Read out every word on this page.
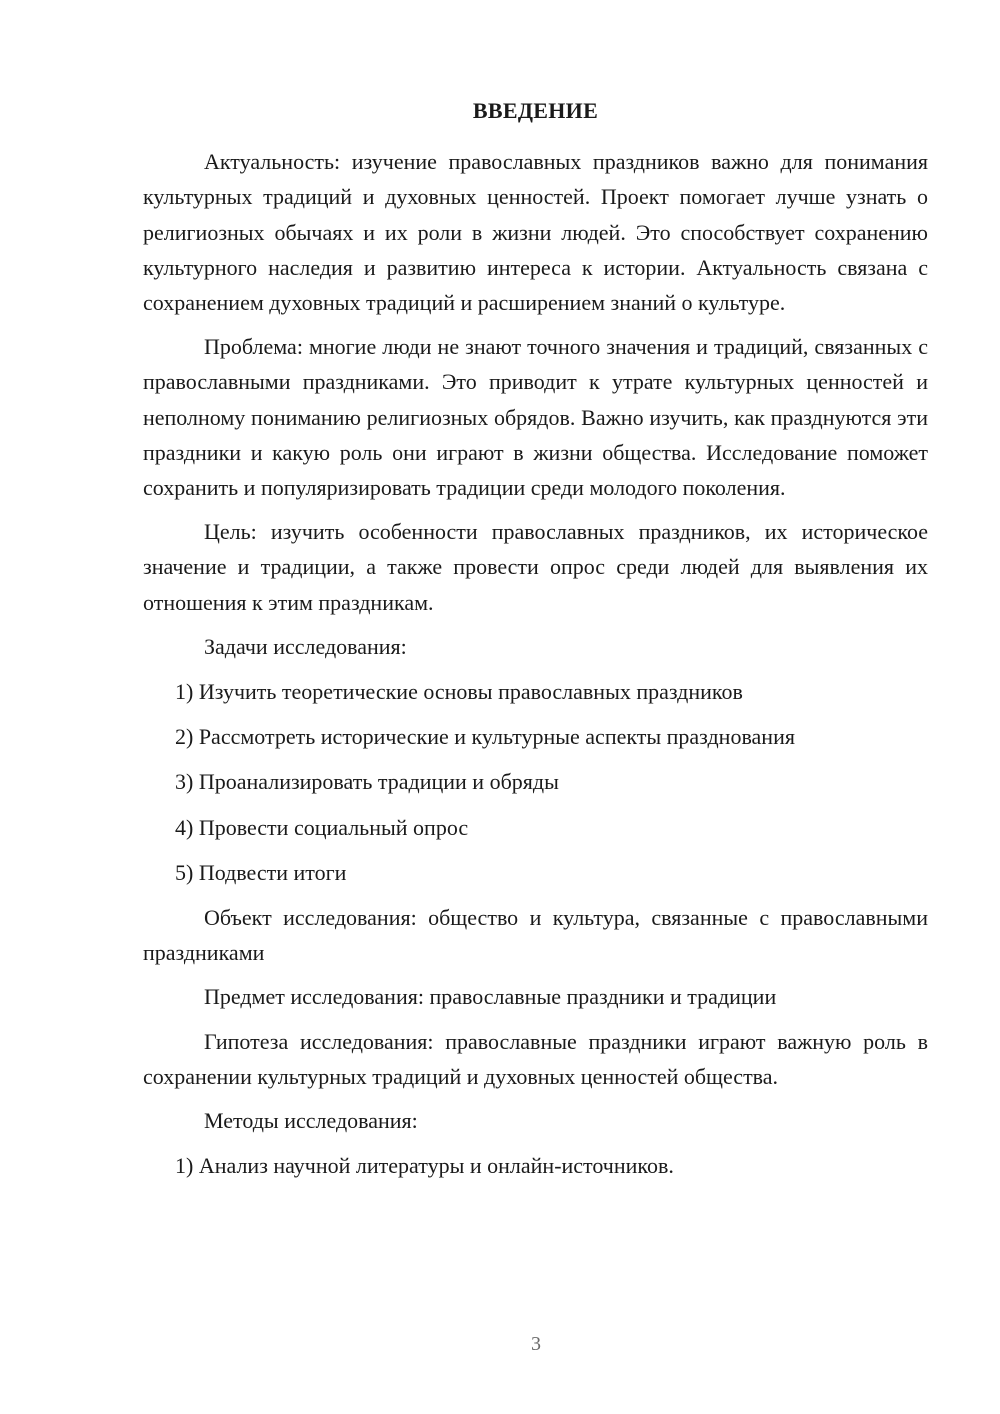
ВВЕДЕНИЕ

Актуальность: изучение православных праздников важно для понимания культурных традиций и духовных ценностей. Проект помогает лучше узнать о религиозных обычаях и их роли в жизни людей. Это способствует сохранению культурного наследия и развитию интереса к истории. Актуальность связана с сохранением духовных традиций и расширением знаний о культуре.

Проблема: многие люди не знают точного значения и традиций, связанных с православными праздниками. Это приводит к утрате культурных ценностей и неполному пониманию религиозных обрядов. Важно изучить, как празднуются эти праздники и какую роль они играют в жизни общества. Исследование поможет сохранить и популяризировать традиции среди молодого поколения.

Цель: изучить особенности православных праздников, их историческое значение и традиции, а также провести опрос среди людей для выявления их отношения к этим праздникам.

Задачи исследования:

1) Изучить теоретические основы православных праздников
2) Рассмотреть исторические и культурные аспекты празднования
3) Проанализировать традиции и обряды
4) Провести социальный опрос
5) Подвести итоги

Объект исследования: общество и культура, связанные с православными праздниками

Предмет исследования: православные праздники и традиции

Гипотеза исследования: православные праздники играют важную роль в сохранении культурных традиций и духовных ценностей общества.

Методы исследования:

1) Анализ научной литературы и онлайн-источников.
3
